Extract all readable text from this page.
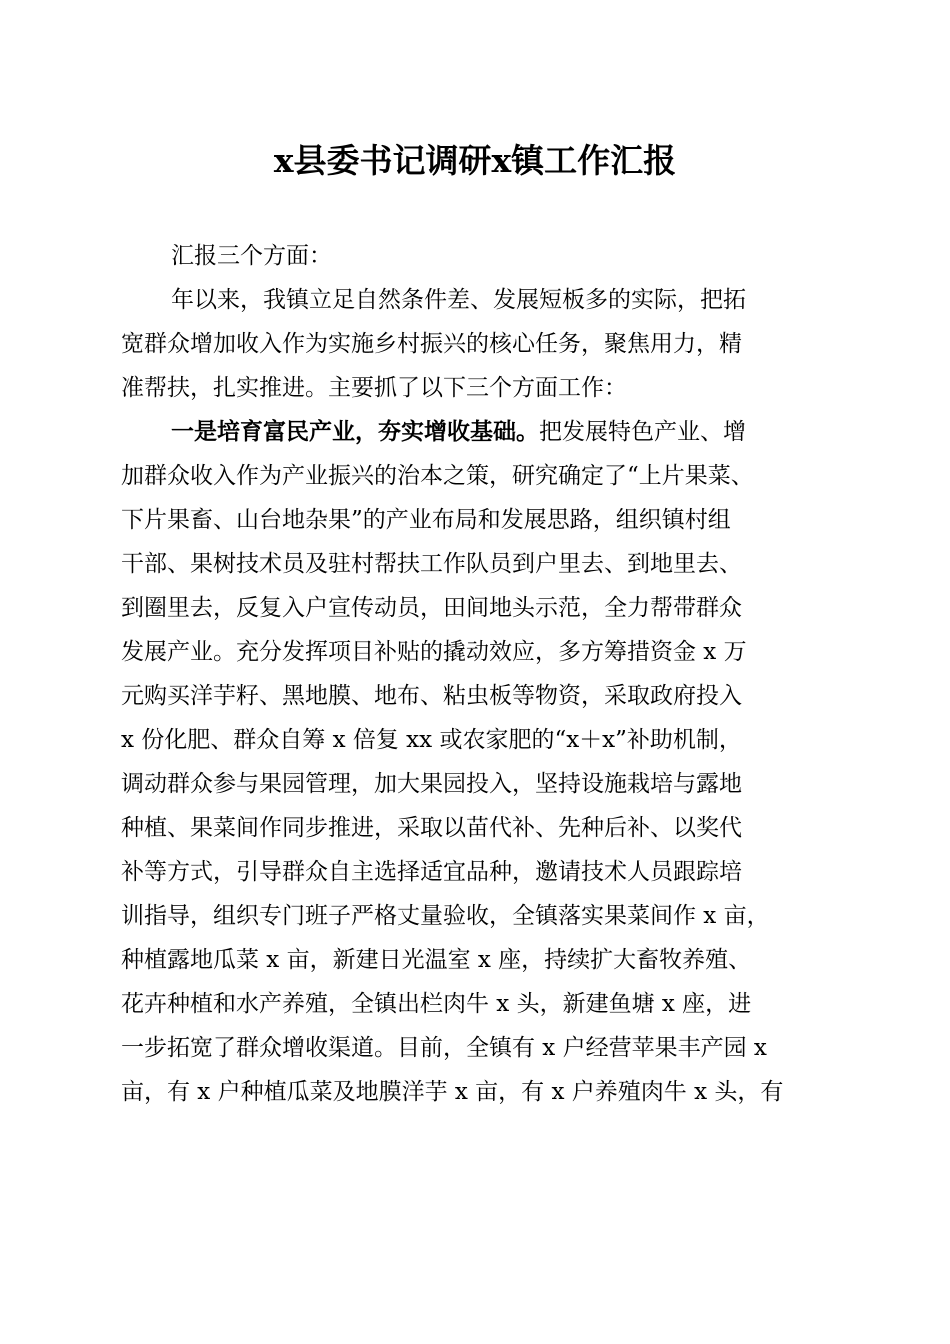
x县委书记调研x镇工作汇报
汇报三个方面：
年以来，我镇立足自然条件差、发展短板多的实际，把拓
宽群众增加收入作为实施乡村振兴的核心任务，聚焦用力，精
准帮扶，扎实推进。主要抓了以下三个方面工作：
一是培育富民产业，夯实增收基础。把发展特色产业、增
加群众收入作为产业振兴的治本之策，研究确定了“上片果菜、
下片果畜、山台地杂果”的产业布局和发展思路，组织镇村组
干部、果树技术员及驻村帮扶工作队员到户里去、到地里去、
到圈里去，反复入户宣传动员，田间地头示范，全力帮带群众
发展产业。充分发挥项目补贴的撬动效应，多方筹措资金 x 万
元购买洋芋籽、黑地膜、地布、粘虫板等物资，采取政府投入
x 份化肥、群众自筹 x 倍复 xx 或农家肥的“x＋x”补助机制，
调动群众参与果园管理，加大果园投入，坚持设施栽培与露地
种植、果菜间作同步推进，采取以苗代补、先种后补、以奖代
补等方式，引导群众自主选择适宜品种，邀请技术人员跟踪培
训指导，组织专门班子严格丈量验收，全镇落实果菜间作 x 亩，
种植露地瓜菜 x 亩，新建日光温室 x 座，持续扩大畜牧养殖、
花卉种植和水产养殖，全镇出栏肉牛 x 头，新建鱼塘 x 座，进
一步拓宽了群众增收渠道。目前，全镇有 x 户经营苹果丰产园 x
亩，有 x 户种植瓜菜及地膜洋芋 x 亩，有 x 户养殖肉牛 x 头，有
